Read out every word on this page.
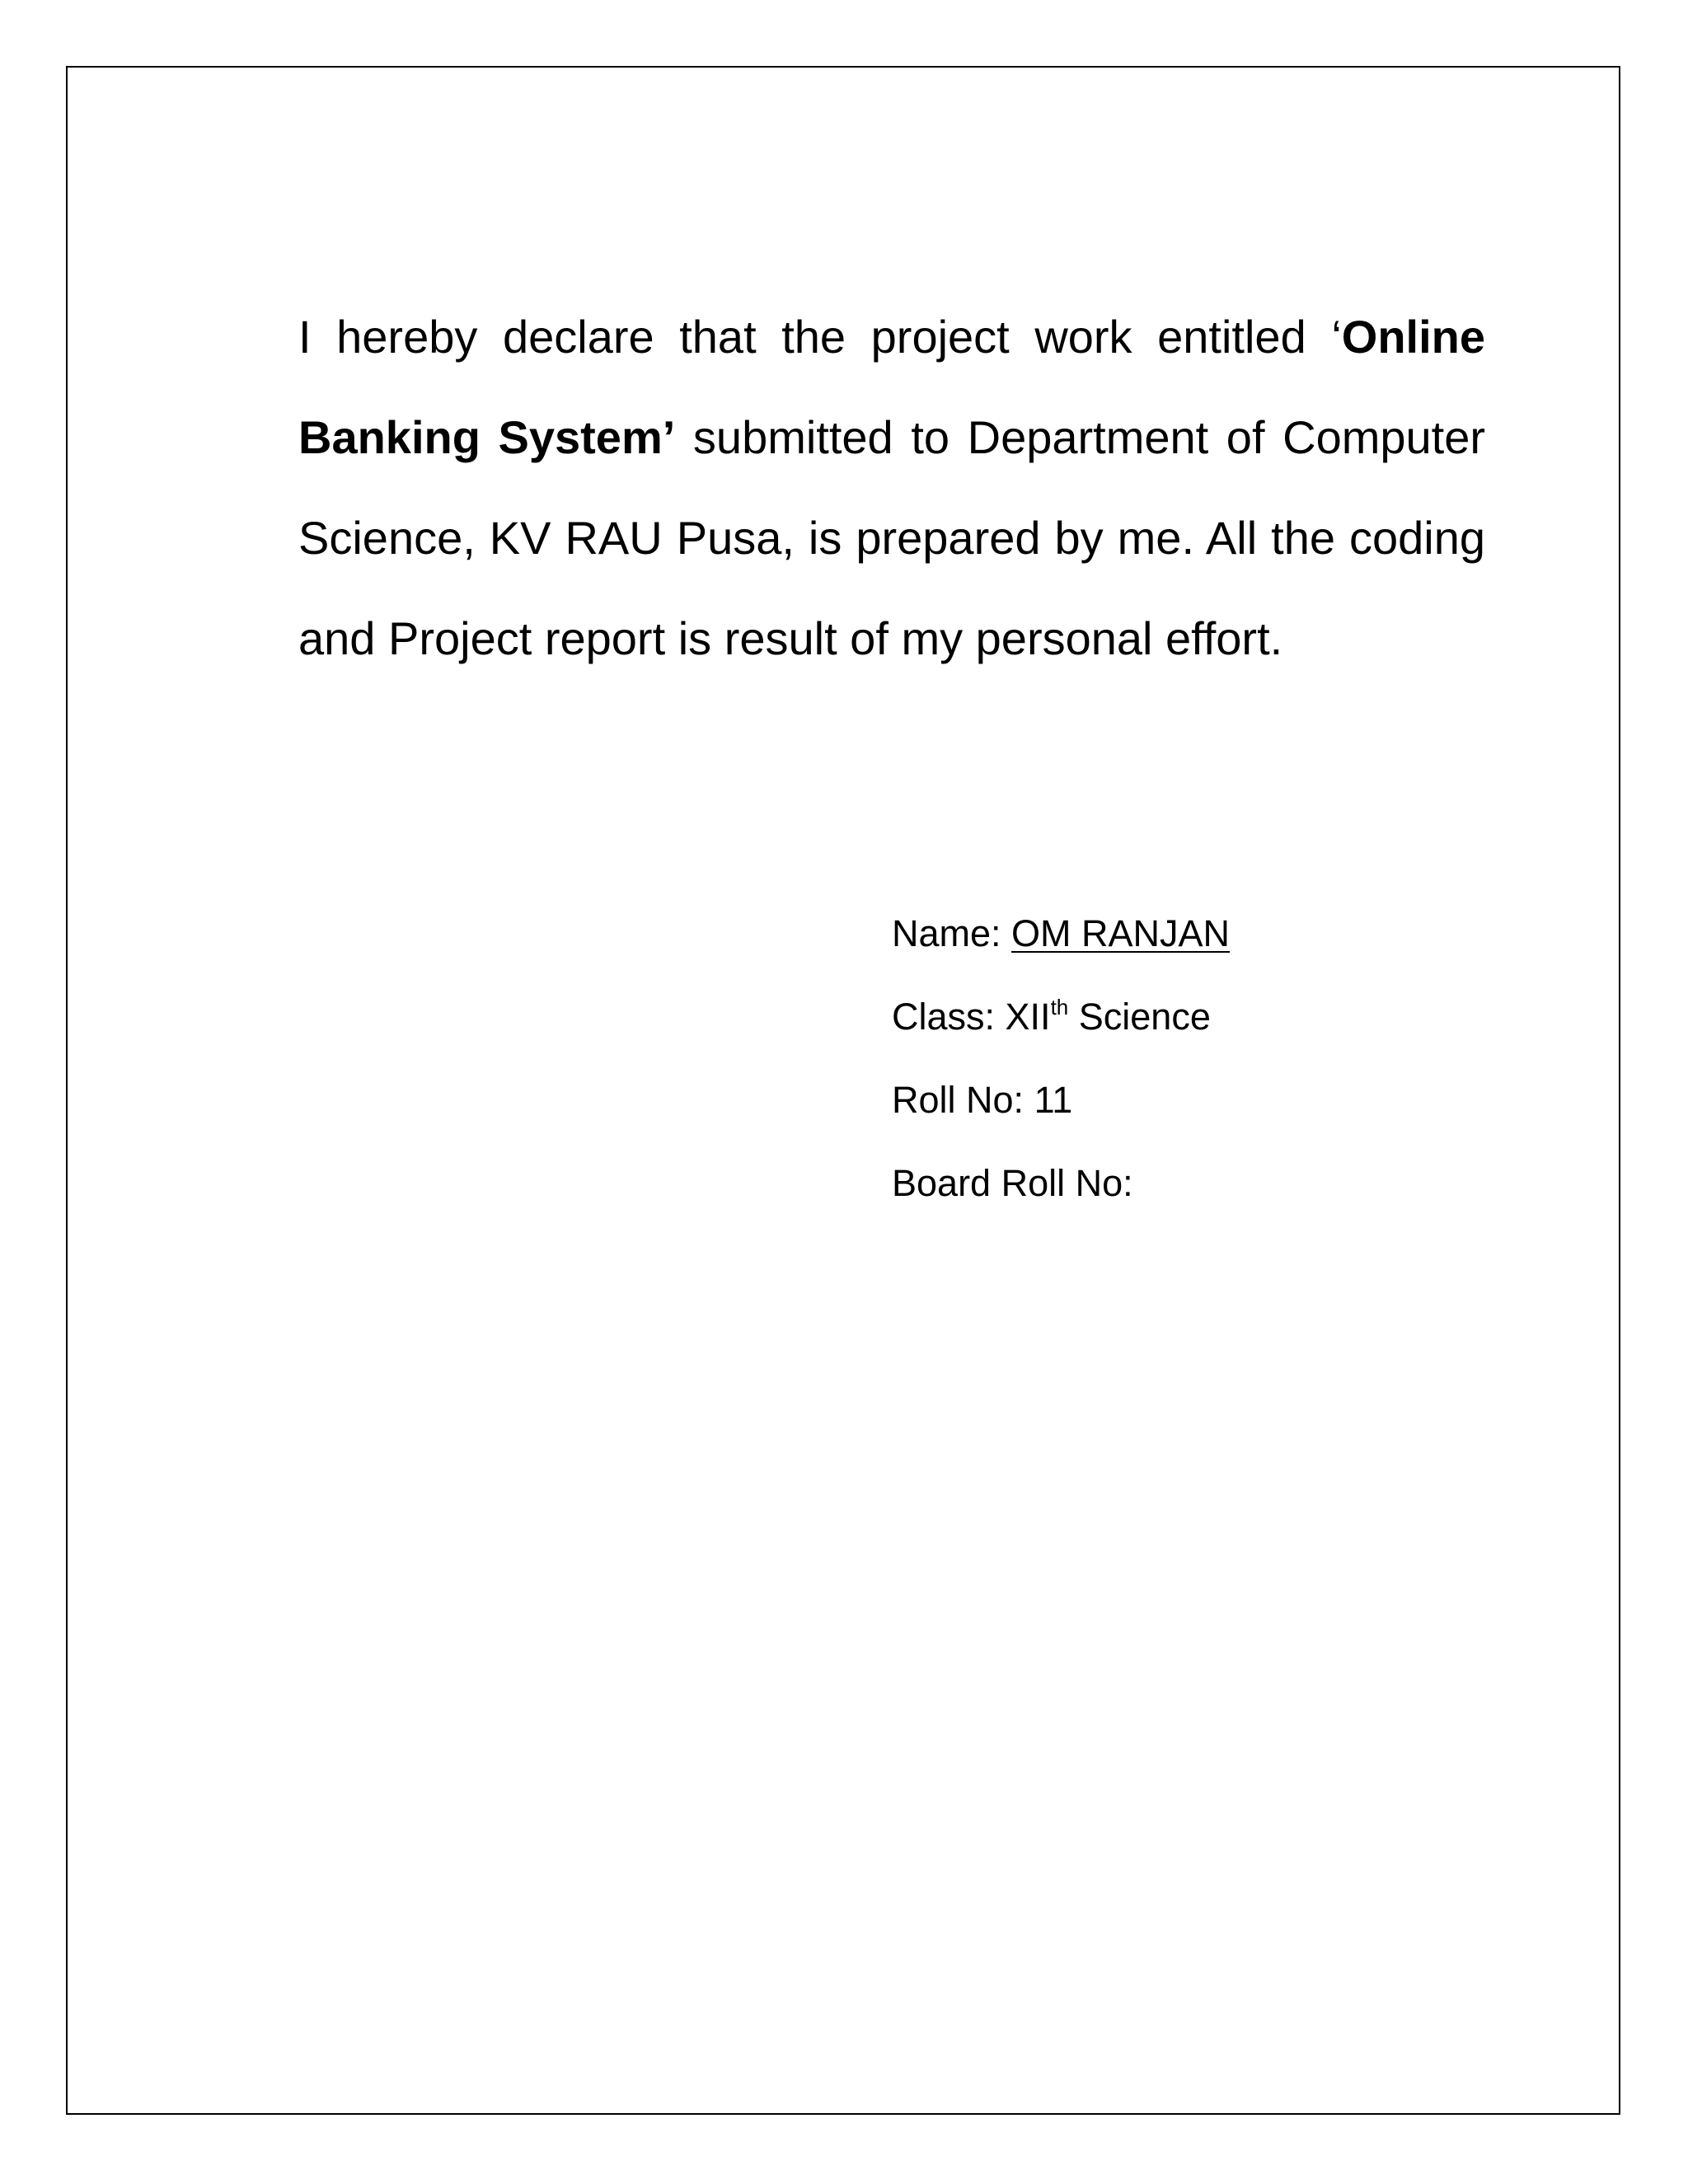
I hereby declare that the project work entitled ‘Online Banking System’ submitted to Department of Computer Science, KV RAU Pusa, is prepared by me. All the coding and Project report is result of my personal effort.

Name: OM RANJAN
Class: XIIth Science
Roll No: 11
Board Roll No:
